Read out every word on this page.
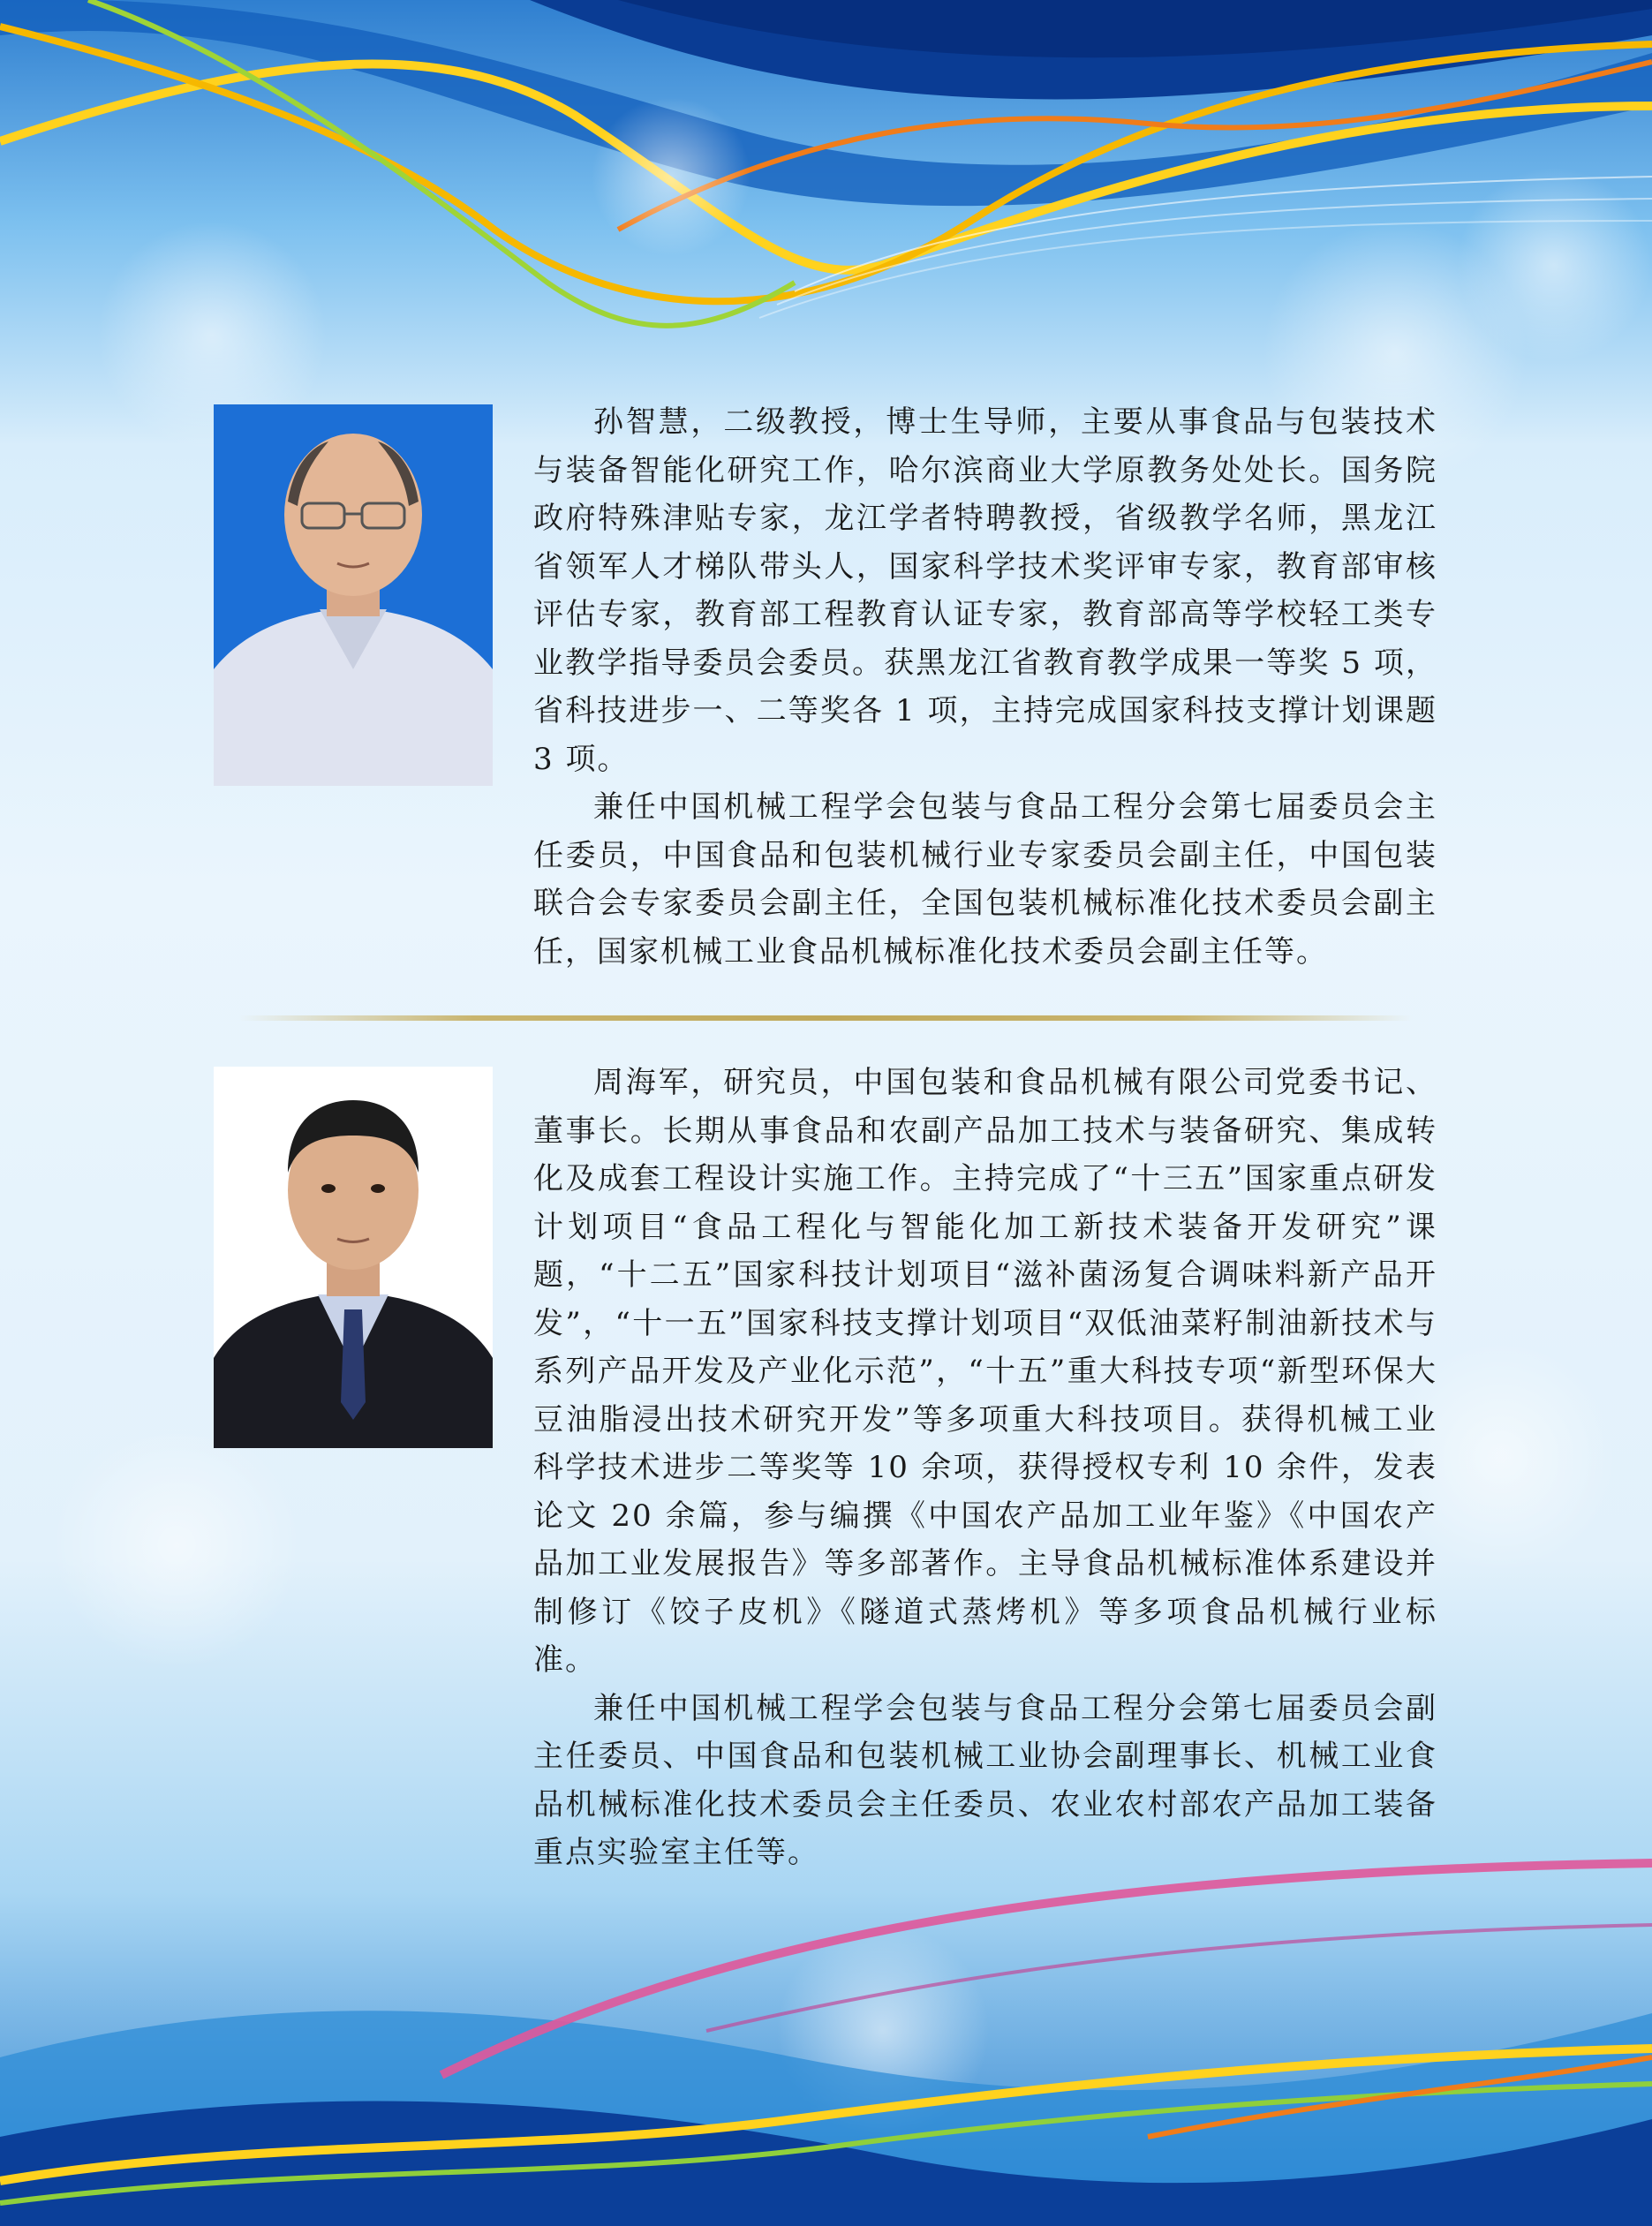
孙智慧，二级教授，博士生导师，主要从事食品与包装技术与装备智能化研究工作，哈尔滨商业大学原教务处处长。国务院政府特殊津贴专家，龙江学者特聘教授，省级教学名师，黑龙江省领军人才梯队带头人，国家科学技术奖评审专家，教育部审核评估专家，教育部工程教育认证专家，教育部高等学校轻工类专业教学指导委员会委员。获黑龙江省教育教学成果一等奖 5 项，省科技进步一、二等奖各 1 项，主持完成国家科技支撑计划课题 3 项。

兼任中国机械工程学会包装与食品工程分会第七届委员会主任委员，中国食品和包装机械行业专家委员会副主任，中国包装联合会专家委员会副主任，全国包装机械标准化技术委员会副主任，国家机械工业食品机械标准化技术委员会副主任等。

周海军，研究员，中国包装和食品机械有限公司党委书记、董事长。长期从事食品和农副产品加工技术与装备研究、集成转化及成套工程设计实施工作。主持完成了“十三五”国家重点研发计划项目“食品工程化与智能化加工新技术装备开发研究”课题，“十二五”国家科技计划项目“滋补菌汤复合调味料新产品开发”，“十一五”国家科技支撑计划项目“双低油菜籽制油新技术与系列产品开发及产业化示范”，“十五”重大科技专项“新型环保大豆油脂浸出技术研究开发”等多项重大科技项目。获得机械工业科学技术进步二等奖等 10 余项，获得授权专利 10 余件，发表论文 20 余篇，参与编撰《中国农产品加工业年鉴》《中国农产品加工业发展报告》等多部著作。主导食品机械标准体系建设并制修订《饺子皮机》《隧道式蒸烤机》等多项食品机械行业标准。

兼任中国机械工程学会包装与食品工程分会第七届委员会副主任委员、中国食品和包装机械工业协会副理事长、机械工业食品机械标准化技术委员会主任委员、农业农村部农产品加工装备重点实验室主任等。
